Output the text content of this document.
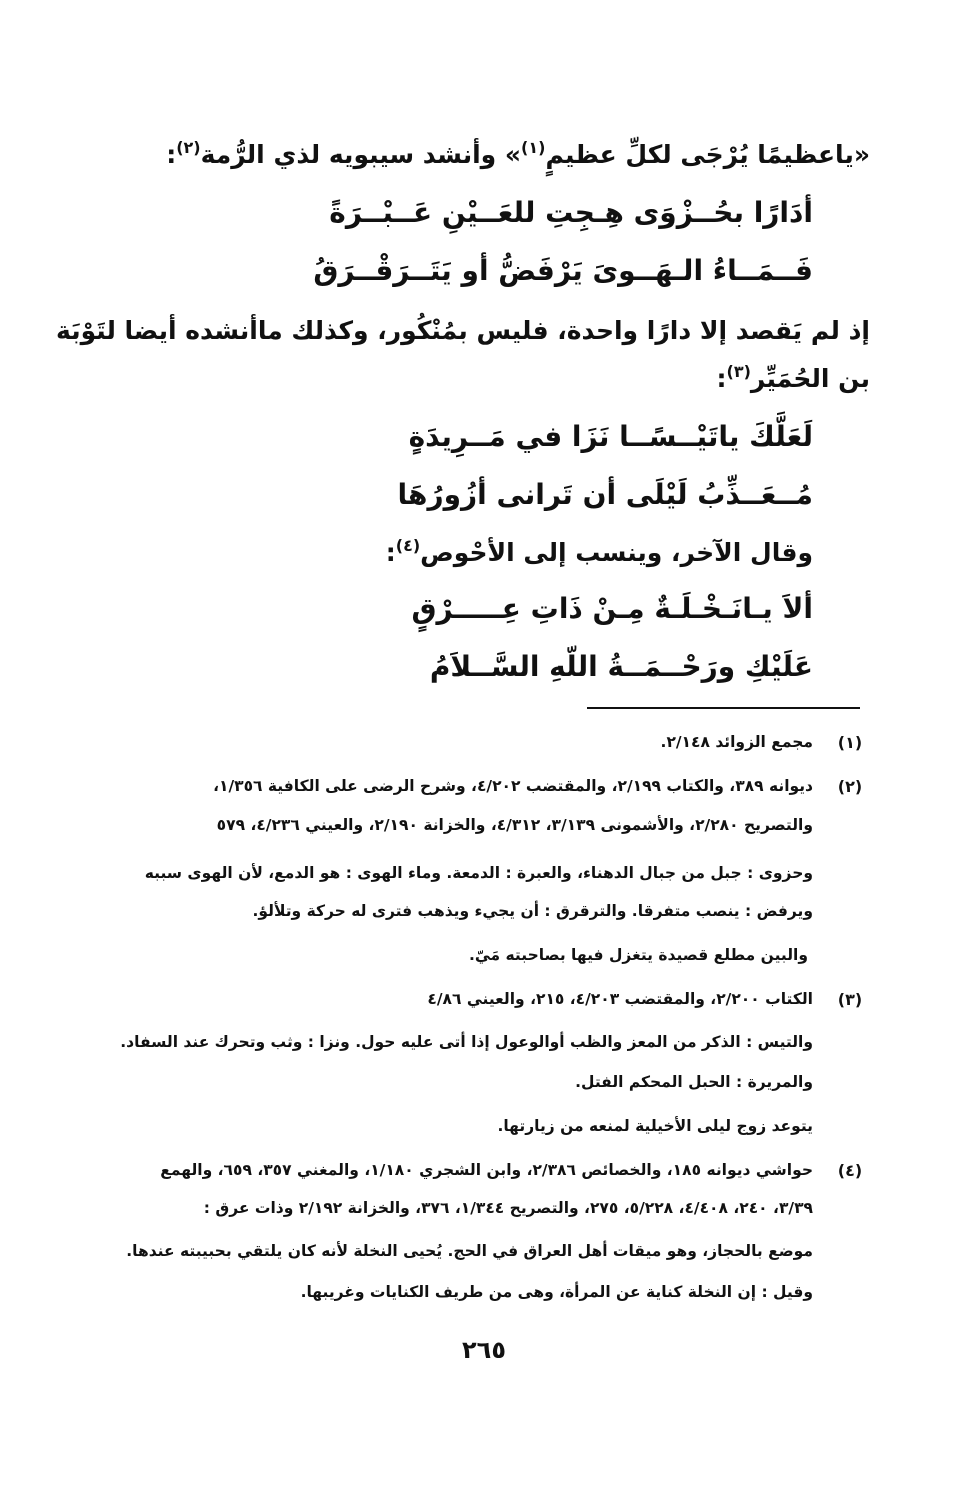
«ياعظيمًا يُرْجَى لكلِّ عظيمٍ$^{(١)}$» وأنشد سيبويه لذي الرُّمة$^{(٢)}$:
أدَارًا بحُــزْوَى هِـجِتِ للعَــيْنِ عَــبْــرَةً
فَــمَــاءُ الـهَــوىَ يَرْفَضُّ أو يَتَــرَقْــرَقُ
إذ لم يَقصد إلا دارًا واحدة، فليس بمُنْكُور، وكذلك ماأنشده أيضا لتَوْبَة
بن الحُمَيِّر$^{(٣)}$:
لَعَلَّكَ ياتَيْــسًــا نَزَا في مَــرِيدَةٍ
مُــعَــذِّبُ لَيْلَى أن تَرانى أزُورُهَا
وقال الآخر، وينسب إلى الأحْوص$^{(٤)}$:
ألاَ يـانَـخْـلَـةٌ مِـنْ ذَاتِ عِـــــرْقٍ
عَلَيْكِ ورَحْــمَــةُ اللّهِ السَّــلاَمُ
(١)
مجمع الزوائد ٢/١٤٨.
(٢)
ديوانه ٣٨٩، والكتاب ٢/١٩٩، والمقتضب ٤/٢٠٢، وشرح الرضى على الكافية ١/٣٥٦،
والتصريح ٢/٢٨٠، والأشمونى ٣/١٣٩، ٤/٣١٢، والخزانة ٢/١٩٠، والعيني ٤/٢٣٦، ٥٧٩
وحزوى : جبل من جبال الدهناء، والعبرة : الدمعة. وماء الهوى : هو الدمع، لأن الهوى سببه
ويرفض : ينصب متفرقا. والترقرق : أن يجيء ويذهب فترى له حركة وتلألؤ.
والبين مطلع قصيدة يتغزل فيها بصاحبته مَيّ.
(٣)
الكتاب ٢/٢٠٠، والمقتضب ٤/٢٠٣، ٢١٥، والعيني ٤/٨٦
والتيس : الذكر من المعز والظب أوالوعول إذا أتى عليه حول. ونزا : وثب وتحرك عند السفاد.
والمريرة : الحبل المحكم الفتل.
يتوعد زوج ليلى الأخيلية لمنعه من زيارتها.
(٤)
حواشي ديوانه ١٨٥، والخصائص ٢/٣٨٦، وابن الشجري ١/١٨٠، والمغني ٣٥٧، ٦٥٩، والهمع
٣/٣٩، ٢٤٠، ٤/٤٠٨، ٥/٢٢٨، ٢٧٥، والتصريح ١/٣٤٤، ٣٧٦، والخزانة ٢/١٩٢ وذات عرق :
موضع بالحجاز، وهو ميقات أهل العراق في الحج. يُحيى النخلة لأنه كان يلتقي بحبيبته عندها.
وقيل : إن النخلة كناية عن المرأة، وهى من طريف الكنايات وغريبها.
٢٦٥
